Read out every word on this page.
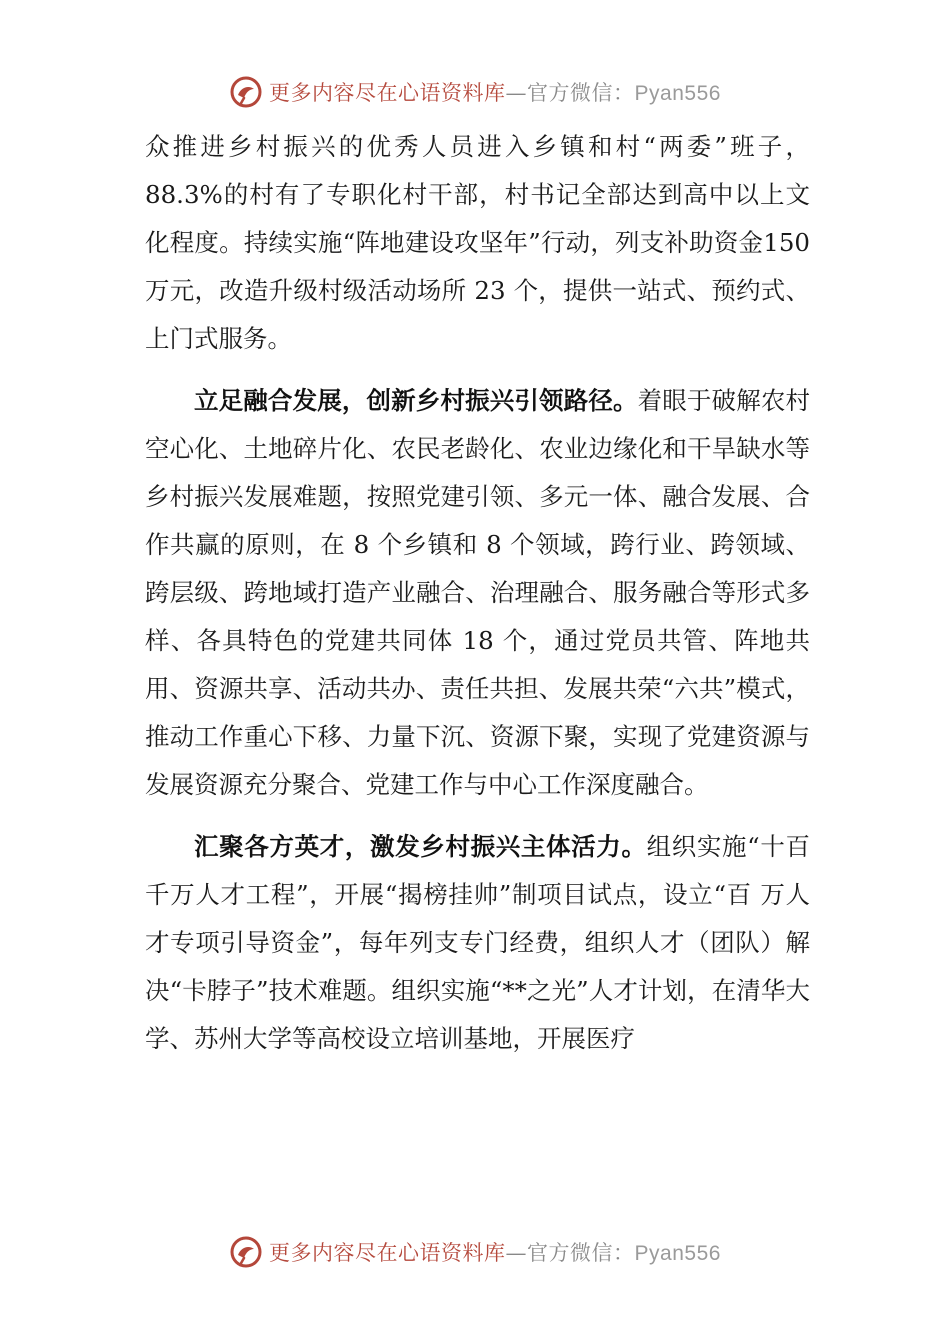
更多内容尽在心语资料库—官方微信：Pyan556

众推进乡村振兴的优秀人员进入乡镇和村“两委”班子，88.3%的村有了专职化村干部，村书记全部达到高中以上文化程度。持续实施“阵地建设攻坚年”行动，列支补助资金150 万元，改造升级村级活动场所 23 个，提供一站式、预约式、上门式服务。

立足融合发展，创新乡村振兴引领路径。着眼于破解农村空心化、土地碎片化、农民老龄化、农业边缘化和干旱缺水等乡村振兴发展难题，按照党建引领、多元一体、融合发展、合作共赢的原则，在 8 个乡镇和 8 个领域，跨行业、跨领域、跨层级、跨地域打造产业融合、治理融合、服务融合等形式多样、各具特色的党建共同体 18 个，通过党员共管、阵地共用、资源共享、活动共办、责任共担、发展共荣“六共”模式，推动工作重心下移、力量下沉、资源下聚，实现了党建资源与发展资源充分聚合、党建工作与中心工作深度融合。

汇聚各方英才，激发乡村振兴主体活力。组织实施“十百千万人才工程”，开展“揭榜挂帅”制项目试点，设立“百 万人才专项引导资金”，每年列支专门经费，组织人才（团队）解决“卡脖子”技术难题。组织实施“**之光”人才计划，在清华大学、苏州大学等高校设立培训基地，开展医疗

更多内容尽在心语资料库—官方微信：Pyan556
